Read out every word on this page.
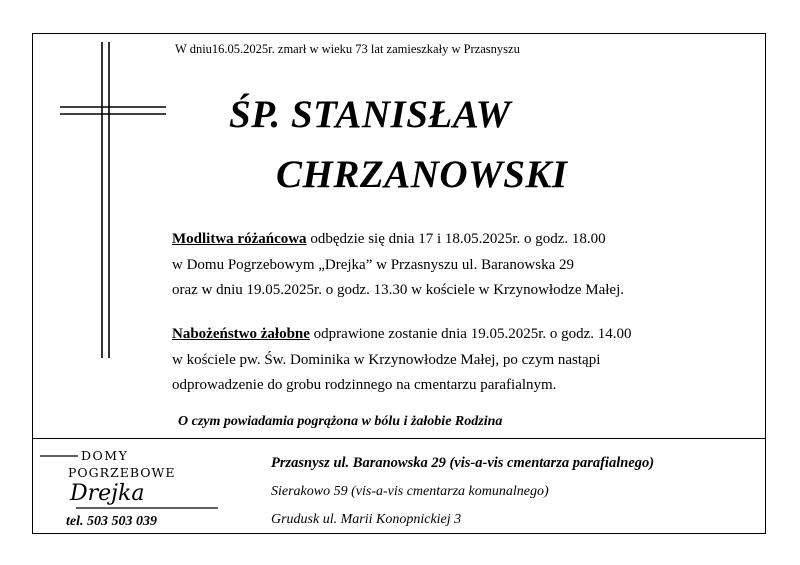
W dniu16.05.2025r. zmarł w wieku 73 lat zamieszkały w Przasnyszu
ŚP. STANISŁAW
CHRZANOWSKI
Modlitwa różańcowa odbędzie się dnia 17 i 18.05.2025r. o godz. 18.00
w Domu Pogrzebowym „Drejka” w Przasnyszu ul. Baranowska 29
oraz w dniu 19.05.2025r. o godz. 13.30 w kościele w Krzynowłodze Małej.
Nabożeństwo żałobne odprawione zostanie dnia 19.05.2025r. o godz. 14.00
w kościele pw. Św. Dominika w Krzynowłodze Małej, po czym nastąpi
odprowadzenie do grobu rodzinnego na cmentarzu parafialnym.
O czym powiadamia pogrążona w bólu i żałobie Rodzina
DOMY
POGRZEBOWE
Drejka
tel. 503 503 039
Przasnysz ul. Baranowska 29 (vis-a-vis cmentarza parafialnego)
Sierakowo 59 (vis-a-vis cmentarza komunalnego)
Grudusk ul. Marii Konopnickiej 3
